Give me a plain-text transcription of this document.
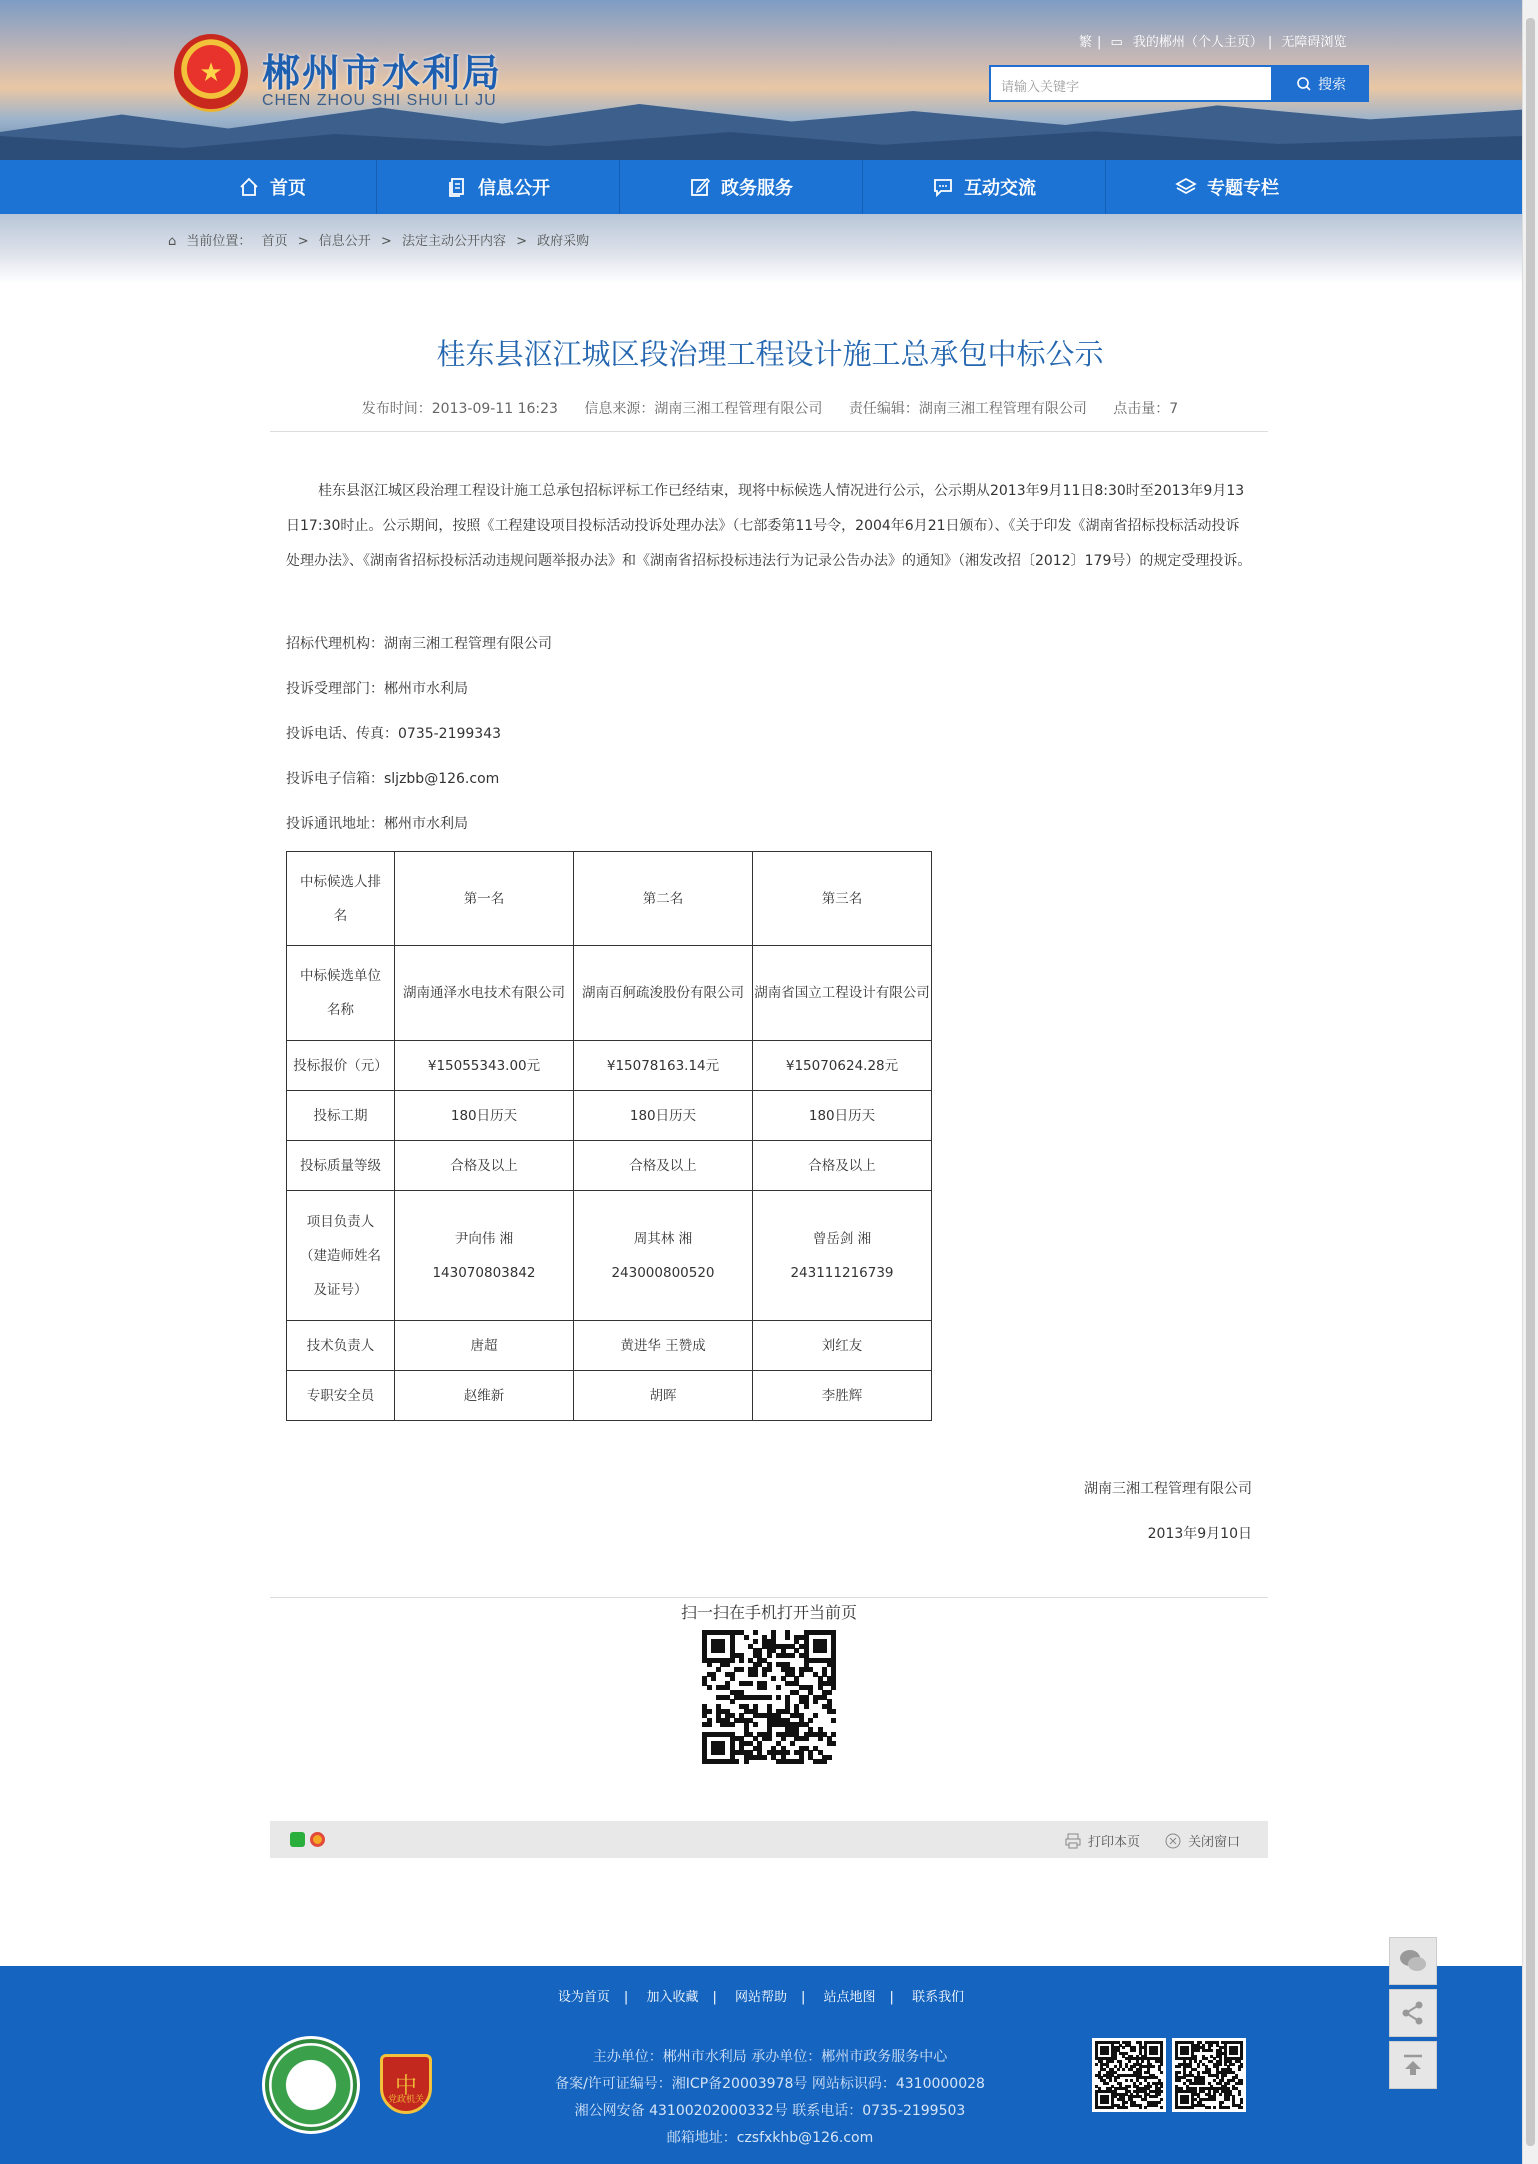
★	郴州市水利局
CHEN ZHOU SHI SHUI LI JU
繁 | ▭ 我的郴州（个人主页） | 无障碍浏览
请输入关键字	搜索
首页	信息公开	政务服务	互动交流	专题专栏
⌂ 当前位置： 首页 > 信息公开 > 法定主动公开内容 > 政府采购
桂东县沤江城区段治理工程设计施工总承包中标公示
发布时间：2013-09-11 16:23 信息来源：湖南三湘工程管理有限公司 责任编辑：湖南三湘工程管理有限公司 点击量：7
桂东县沤江城区段治理工程设计施工总承包招标评标工作已经结束，现将中标候选人情况进行公示，公示期从2013年9月11日8:30时至2013年9月13日17:30时止。公示期间，按照《工程建设项目投标活动投诉处理办法》（七部委第11号令，2004年6月21日颁布）、《关于印发《湖南省招标投标活动投诉处理办法》、《湖南省招标投标活动违规问题举报办法》和《湖南省招标投标违法行为记录公告办法》的通知》（湘发改招〔2012〕179号）的规定受理投诉。
招标代理机构：湖南三湘工程管理有限公司
投诉受理部门：郴州市水利局
投诉电话、传真：0735-2199343
投诉电子信箱：sljzbb@126.com
投诉通讯地址：郴州市水利局
中标候选人排名	第一名	第二名	第三名
中标候选单位名称	湖南通泽水电技术有限公司	湖南百舸疏浚股份有限公司	湖南省国立工程设计有限公司
投标报价（元）	¥15055343.00元	¥15078163.14元	¥15070624.28元
投标工期	180日历天	180日历天	180日历天
投标质量等级	合格及以上	合格及以上	合格及以上
项目负责人（建造师姓名及证号）	尹向伟 湘143070803842	周其林 湘243000800520	曾岳剑 湘243111216739
技术负责人	唐超	黄进华 王赞成	刘红友
专职安全员	赵维新	胡晖	李胜辉
湖南三湘工程管理有限公司
2013年9月10日
扫一扫在手机打开当前页
打印本页	关闭窗口
设为首页 | 加入收藏 | 网站帮助 | 站点地图 | 联系我们
党政机关
中
主办单位：郴州市水利局 承办单位：郴州市政务服务中心
备案/许可证编号：湘ICP备20003978号 网站标识码：4310000028
湘公网安备 43100202000332号 联系电话：0735-2199503
邮箱地址：czsfxkhb@126.com
